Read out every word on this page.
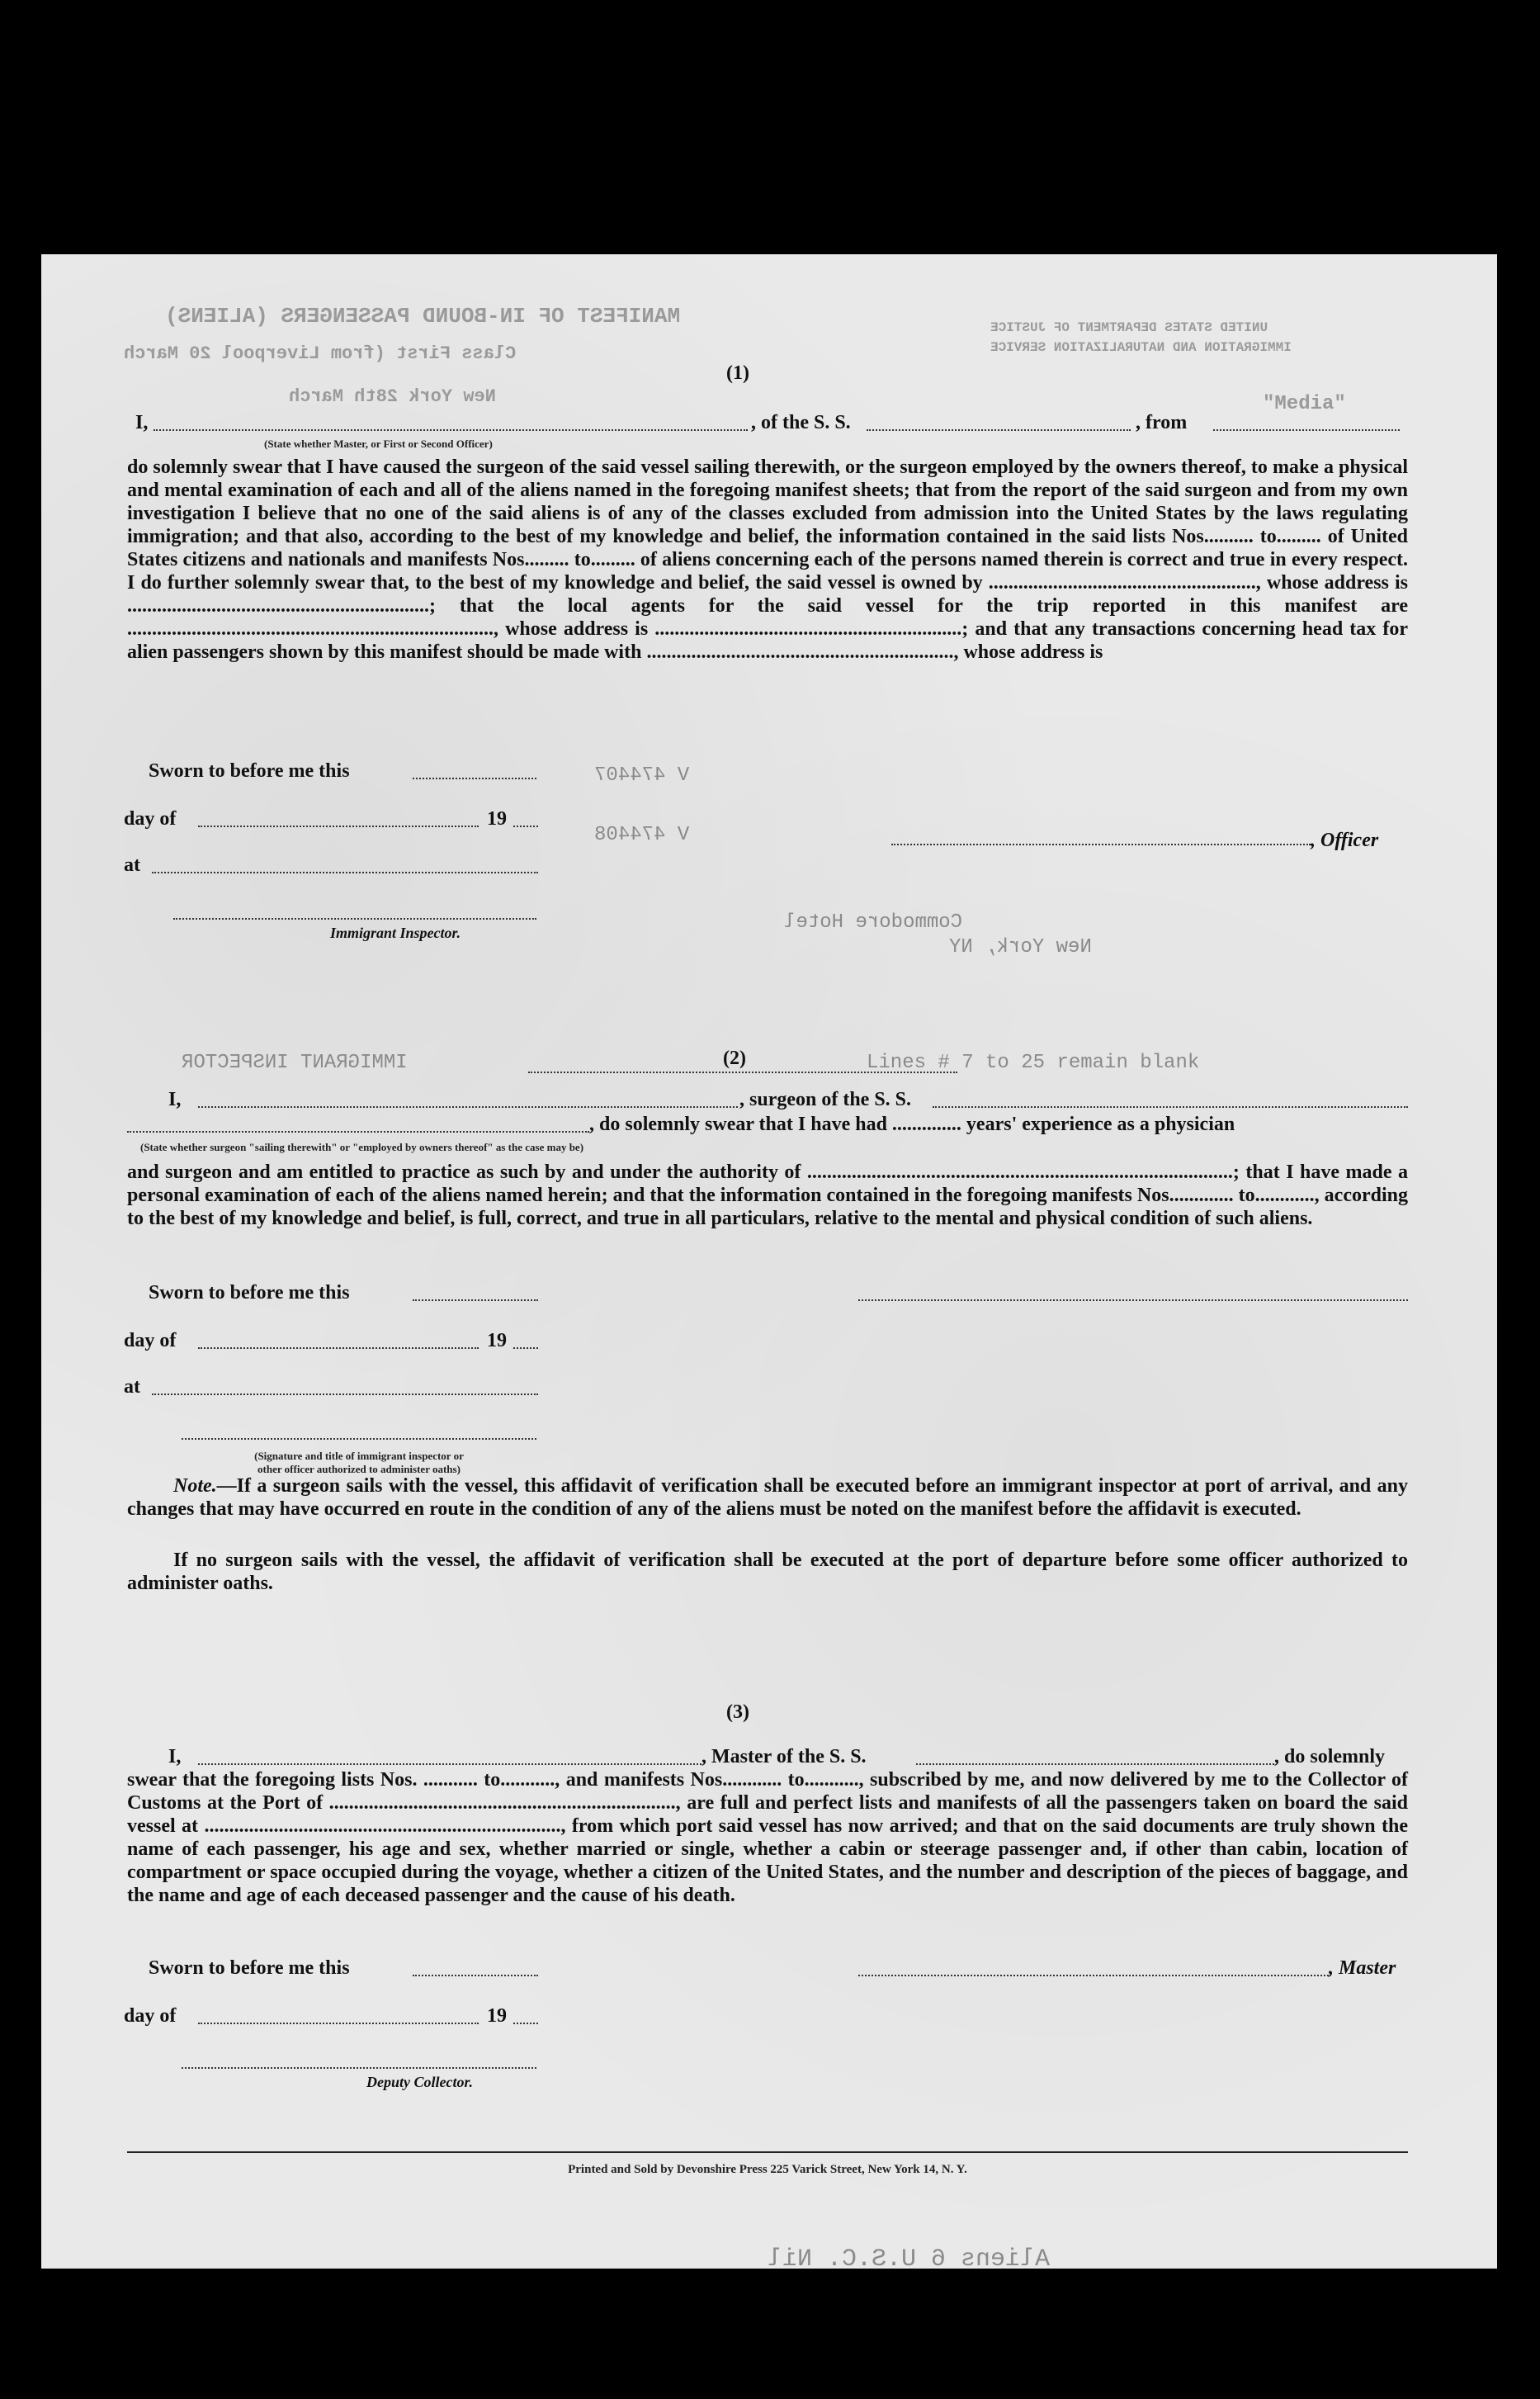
MANIFEST OF IN-BOUND PASSENGERS (ALIENS)
Class First (from Liverpool 20 March
New York 28th March
UNITED STATES DEPARTMENT OF JUSTICE
IMMIGRATION AND NATURALIZATION SERVICE
"Media"
(1)
I,	, of the S. S.	, from
(State whether Master, or First or Second Officer)
do solemnly swear that I have caused the surgeon of the said vessel sailing therewith, or the surgeon employed by the owners thereof, to make a physical and mental examination of each and all of the aliens named in the foregoing manifest sheets; that from the report of the said surgeon and from my own investigation I believe that no one of the said aliens is of any of the classes excluded from admission into the United States by the laws regulating immigration; and that also, according to the best of my knowledge and belief, the information contained in the said lists Nos.......... to......... of United States citizens and nationals and manifests Nos......... to......... of aliens concerning each of the persons named therein is correct and true in every respect. I do further solemnly swear that, to the best of my knowledge and belief, the said vessel is owned by ......................................................, whose address is .............................................................; that the local agents for the said vessel for the trip reported in this manifest are .........................................................................., whose address is ..............................................................; and that any transactions concerning head tax for alien passengers shown by this manifest should be made with .............................................................., whose address is
Sworn to before me this
day of	19
at
Immigrant Inspector.
, Officer
V 474407
V 474408
Commodore Hotel
New York, NY
Lines # 7 to 25 remain blank
IMMIGRANT INSPECTOR	(2)
I,	, surgeon of the S. S.
, do solemnly swear that I have had .............. years' experience as a physician
(State whether surgeon "sailing therewith" or "employed by owners thereof" as the case may be)
and surgeon and am entitled to practice as such by and under the authority of ......................................................................................; that I have made a personal examination of each of the aliens named herein; and that the information contained in the foregoing manifests Nos............. to............, according to the best of my knowledge and belief, is full, correct, and true in all particulars, relative to the mental and physical condition of such aliens.
Sworn to before me this
day of	19
at
(Signature and title of immigrant inspector or
other officer authorized to administer oaths)
Note.—If a surgeon sails with the vessel, this affidavit of verification shall be executed before an immigrant inspector at port of arrival, and any changes that may have occurred en route in the condition of any of the aliens must be noted on the manifest before the affidavit is executed.
If no surgeon sails with the vessel, the affidavit of verification shall be executed at the port of departure before some officer authorized to administer oaths.
(3)
I,	, Master of the S. S.	, do solemnly
swear that the foregoing lists Nos. ........... to..........., and manifests Nos............ to..........., subscribed by me, and now delivered by me to the Collector of Customs at the Port of ......................................................................, are full and perfect lists and manifests of all the passengers taken on board the said vessel at ........................................................................, from which port said vessel has now arrived; and that on the said documents are truly shown the name of each passenger, his age and sex, whether married or single, whether a cabin or steerage passenger and, if other than cabin, location of compartment or space occupied during the voyage, whether a citizen of the United States, and the number and description of the pieces of baggage, and the name and age of each deceased passenger and the cause of his death.
Sworn to before me this	, Master
day of	19
Deputy Collector.
Printed and Sold by Devonshire Press 225 Varick Street, New York 14, N. Y.
Aliens 6 U.S.C. Nil
